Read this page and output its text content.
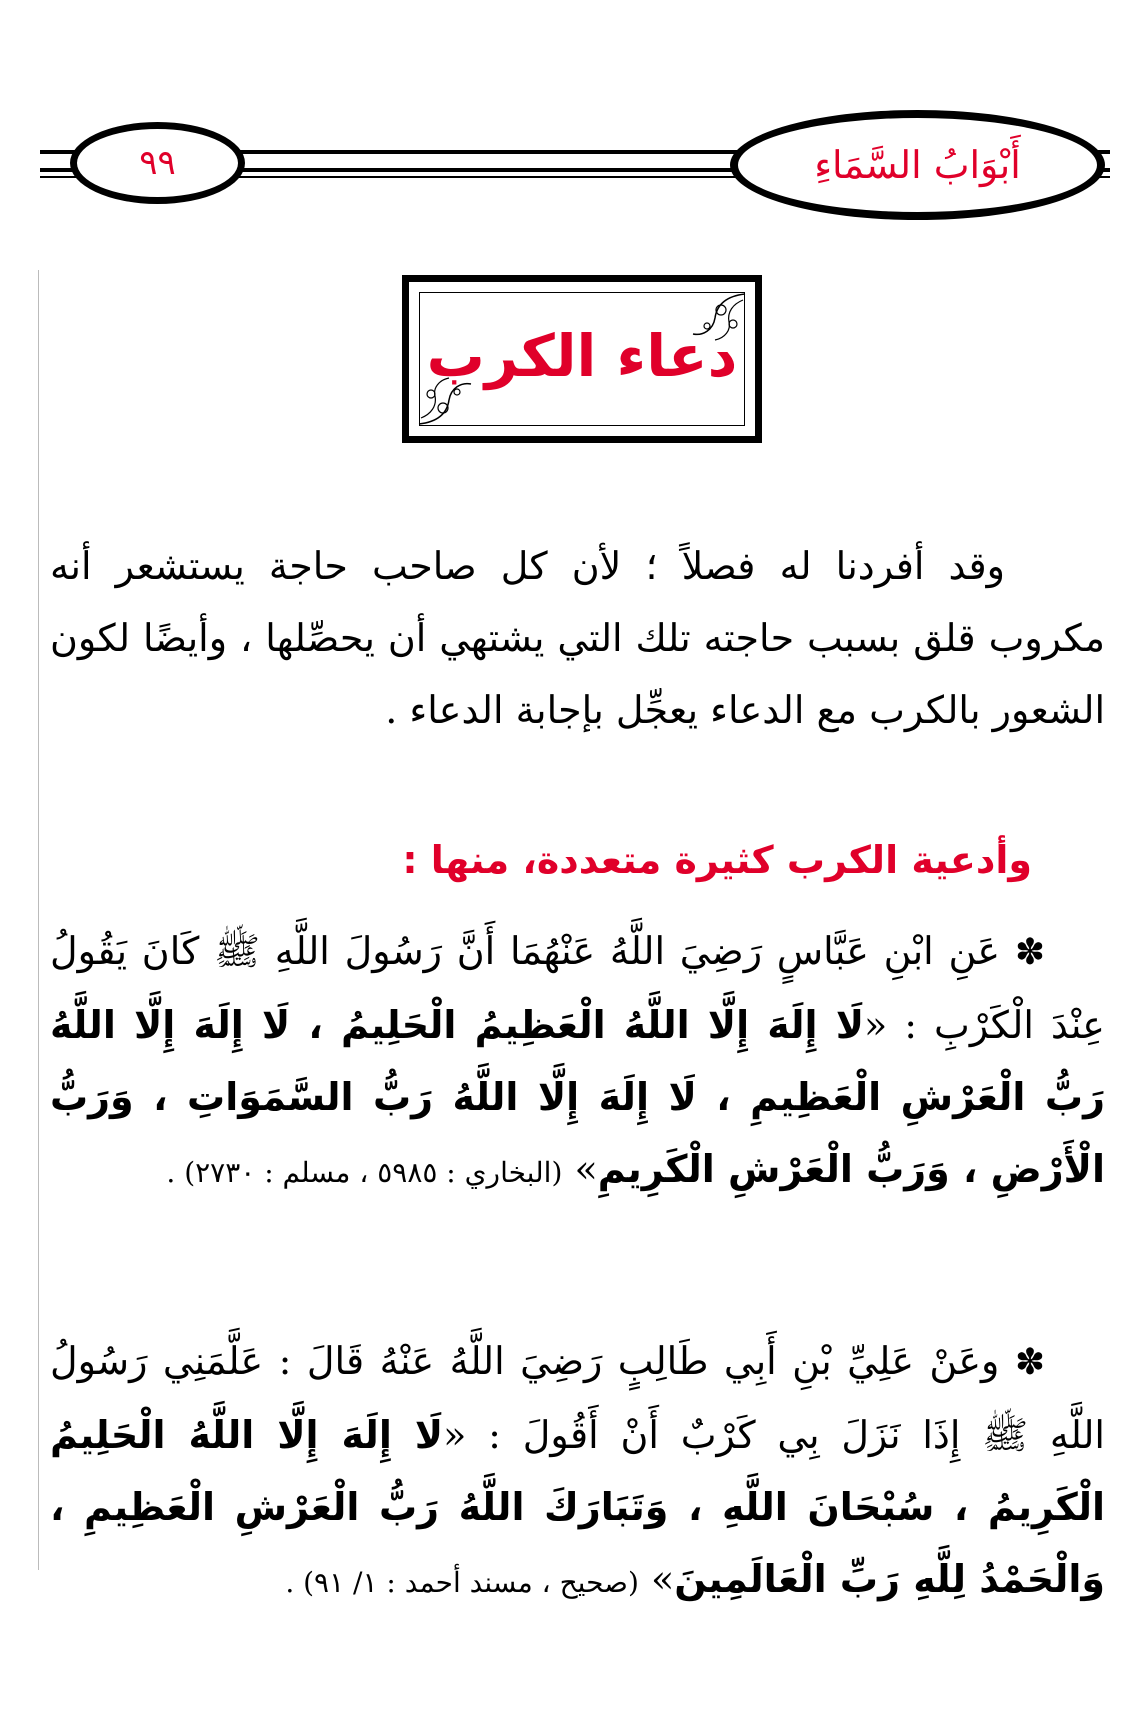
٩٩	أَبْوَابُ السَّمَاءِ
دعاء الكرب
وقد أفردنا له فصلاً ؛ لأن كل صاحب حاجة يستشعر أنه مكروب قلق بسبب حاجته تلك التي يشتهي أن يحصِّلها ، وأيضًا لكون الشعور بالكرب مع الدعاء يعجِّل بإجابة الدعاء .
وأدعية الكرب كثيرة متعددة، منها :
✽ عَنِ ابْنِ عَبَّاسٍ رَضِيَ اللَّهُ عَنْهُمَا أَنَّ رَسُولَ اللَّهِ ﷺ كَانَ يَقُولُ عِنْدَ الْكَرْبِ : «لَا إِلَهَ إِلَّا اللَّهُ الْعَظِيمُ الْحَلِيمُ ، لَا إِلَهَ إِلَّا اللَّهُ رَبُّ الْعَرْشِ الْعَظِيمِ ، لَا إِلَهَ إِلَّا اللَّهُ رَبُّ السَّمَوَاتِ ، وَرَبُّ الْأَرْضِ ، وَرَبُّ الْعَرْشِ الْكَرِيمِ» (البخاري : ٥٩٨٥ ، مسلم : ٢٧٣٠) .
✽ وعَنْ عَلِيِّ بْنِ أَبِي طَالِبٍ رَضِيَ اللَّهُ عَنْهُ قَالَ : عَلَّمَنِي رَسُولُ اللَّهِ ﷺ إِذَا نَزَلَ بِي كَرْبٌ أَنْ أَقُولَ : «لَا إِلَهَ إِلَّا اللَّهُ الْحَلِيمُ الْكَرِيمُ ، سُبْحَانَ اللَّهِ ، وَتَبَارَكَ اللَّهُ رَبُّ الْعَرْشِ الْعَظِيمِ ، وَالْحَمْدُ لِلَّهِ رَبِّ الْعَالَمِينَ» (صحيح ، مسند أحمد : ١/ ٩١) .
